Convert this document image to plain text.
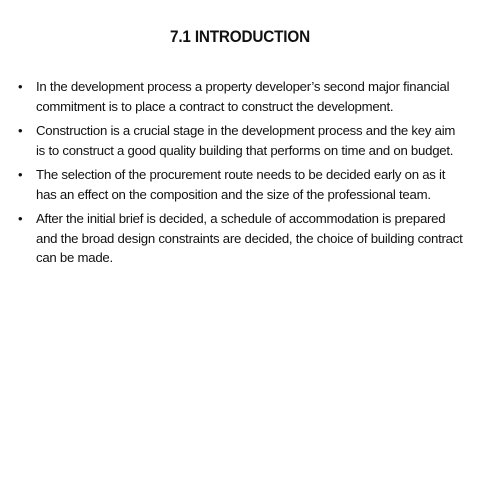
7.1 INTRODUCTION
• In the development process a property developer’s second major financial commitment is to place a contract to construct the development.
• Construction is a crucial stage in the development process and the key aim is to construct a good quality building that performs on time and on budget.
• The selection of the procurement route needs to be decided early on as it has an effect on the composition and the size of the professional team.
• After the initial brief is decided, a schedule of accommodation is prepared and the broad design constraints are decided, the choice of building contract can be made.
